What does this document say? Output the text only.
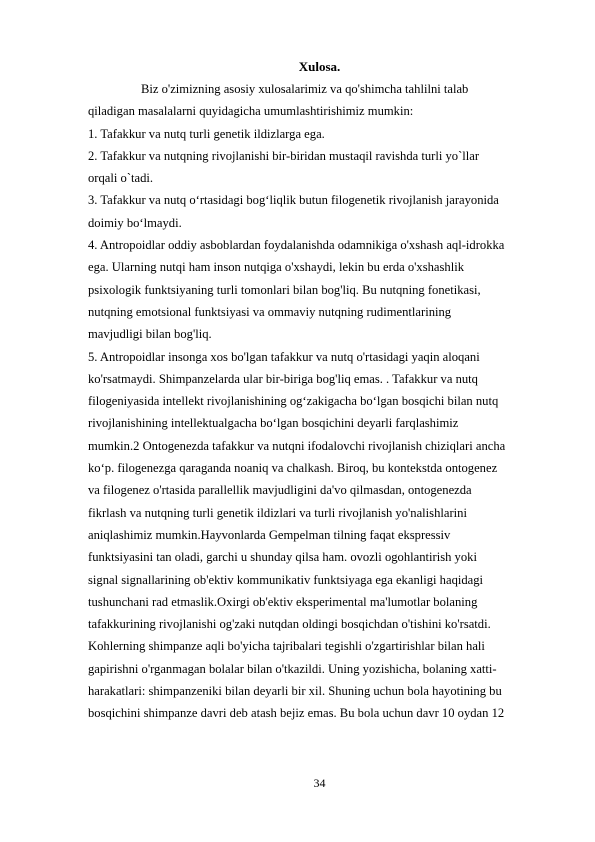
Xulosa.
Biz o'zimizning asosiy xulosalarimiz va qo'shimcha tahlilni talab
qiladigan masalalarni quyidagicha umumlashtirishimiz mumkin:
1. Tafakkur va nutq turli genetik ildizlarga ega.
2. Tafakkur va nutqning rivojlanishi bir-biridan mustaqil ravishda turli yo`llar
orqali o`tadi.
3. Tafakkur va nutq o‘rtasidagi bog‘liqlik butun filogenetik rivojlanish jarayonida
doimiy bo‘lmaydi.
4. Antropoidlar oddiy asboblardan foydalanishda odamnikiga o'xshash aql-idrokka
ega. Ularning nutqi ham inson nutqiga o'xshaydi, lekin bu erda o'xshashlik
psixologik funktsiyaning turli tomonlari bilan bog'liq. Bu nutqning fonetikasi,
nutqning emotsional funktsiyasi va ommaviy nutqning rudimentlarining
mavjudligi bilan bog'liq.
5. Antropoidlar insonga xos bo'lgan tafakkur va nutq o'rtasidagi yaqin aloqani
ko'rsatmaydi. Shimpanzelarda ular bir-biriga bog'liq emas. . Tafakkur va nutq
filogeniyasida intellekt rivojlanishining og‘zakigacha bo‘lgan bosqichi bilan nutq
rivojlanishining intellektualgacha bo‘lgan bosqichini deyarli farqlashimiz
mumkin.2 Ontogenezda tafakkur va nutqni ifodalovchi rivojlanish chiziqlari ancha
ko‘p. filogenezga qaraganda noaniq va chalkash. Biroq, bu kontekstda ontogenez
va filogenez o'rtasida parallellik mavjudligini da'vo qilmasdan, ontogenezda
fikrlash va nutqning turli genetik ildizlari va turli rivojlanish yo'nalishlarini
aniqlashimiz mumkin.Hayvonlarda Gempelman tilning faqat ekspressiv
funktsiyasini tan oladi, garchi u shunday qilsa ham. ovozli ogohlantirish yoki
signal signallarining ob'ektiv kommunikativ funktsiyaga ega ekanligi haqidagi
tushunchani rad etmaslik.Oxirgi ob'ektiv eksperimental ma'lumotlar bolaning
tafakkurining rivojlanishi og'zaki nutqdan oldingi bosqichdan o'tishini ko'rsatdi.
Kohlerning shimpanze aqli bo'yicha tajribalari tegishli o'zgartirishlar bilan hali
gapirishni o'rganmagan bolalar bilan o'tkazildi. Uning yozishicha, bolaning xatti-
harakatlari: shimpanzeniki bilan deyarli bir xil. Shuning uchun bola hayotining bu
bosqichini shimpanze davri deb atash bejiz emas. Bu bola uchun davr 10 oydan 12
34
